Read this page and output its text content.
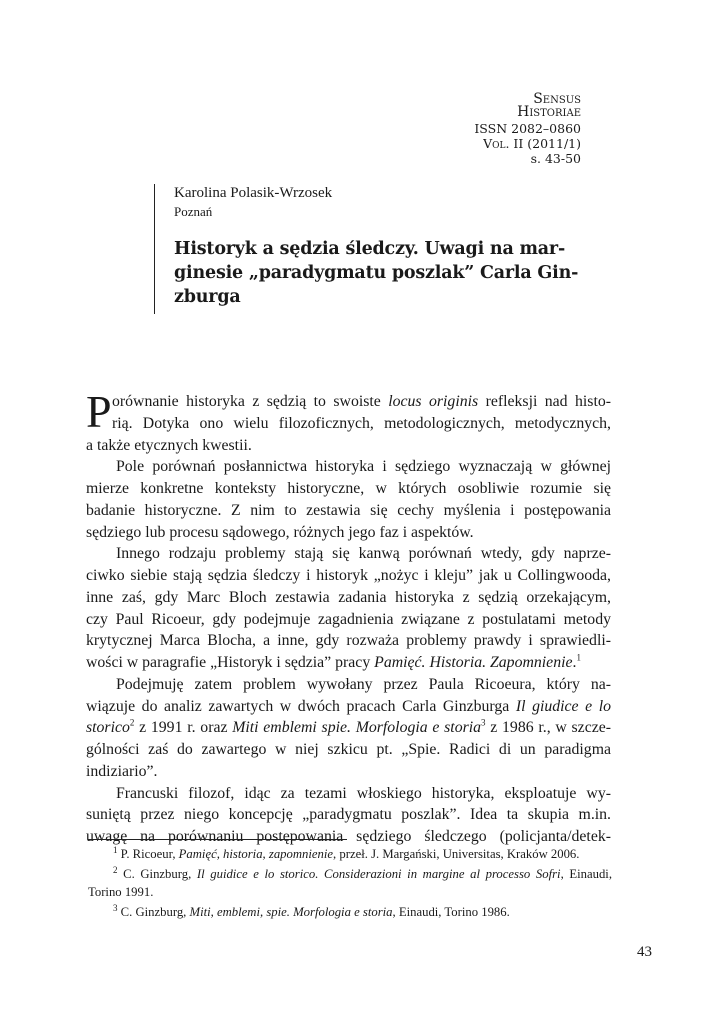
Sensus
Historiae
ISSN 2082–0860
Vol. II (2011/1)
s. 43-50
Karolina Polasik-Wrzosek
Poznań
Historyk a sędzia śledczy. Uwagi na mar-
ginesie „paradygmatu poszlak” Carla Gin-
zburga
P orównanie historyka z sędzią to swoiste locus originis refleksji nad histo-
rią. Dotyka ono wielu filozoficznych, metodologicznych, metodycznych,
a także etycznych kwestii.
Pole porównań posłannictwa historyka i sędziego wyznaczają w głównej
mierze konkretne konteksty historyczne, w których osobliwie rozumie się
badanie historyczne. Z nim to zestawia się cechy myślenia i postępowania
sędziego lub procesu sądowego, różnych jego faz i aspektów.
Innego rodzaju problemy stają się kanwą porównań wtedy, gdy naprze-
ciwko siebie stają sędzia śledczy i historyk „nożyc i kleju” jak u Collingwooda,
inne zaś, gdy Marc Bloch zestawia zadania historyka z sędzią orzekającym,
czy Paul Ricoeur, gdy podejmuje zagadnienia związane z postulatami metody
krytycznej Marca Blocha, a inne, gdy rozważa problemy prawdy i sprawiedli-
wości w paragrafie „Historyk i sędzia” pracy Pamięć. Historia. Zapomnienie.$^1$
Podejmuję zatem problem wywołany przez Paula Ricoeura, który na-
wiązuje do analiz zawartych w dwóch pracach Carla Ginzburga Il giudice e lo
storico$^2$ z 1991 r. oraz Miti emblemi spie. Morfologia e storia$^3$ z 1986 r., w szcze-
gólności zaś do zawartego w niej szkicu pt. „Spie. Radici di un paradigma
indiziario”.
Francuski filozof, idąc za tezami włoskiego historyka, eksploatuje wy-
suniętą przez niego koncepcję „paradygmatu poszlak”. Idea ta skupia m.in.
uwagę na porównaniu postępowania sędziego śledczego (policjanta/detek-
$^1$ P. Ricoeur, Pamięć, historia, zapomnienie, przeł. J. Margański, Universitas, Kraków 2006.
$^2$ C. Ginzburg, Il guidice e lo storico. Considerazioni in margine al processo Sofri, Einaudi,
Torino 1991.
$^3$ C. Ginzburg, Miti, emblemi, spie. Morfologia e storia, Einaudi, Torino 1986.
43
